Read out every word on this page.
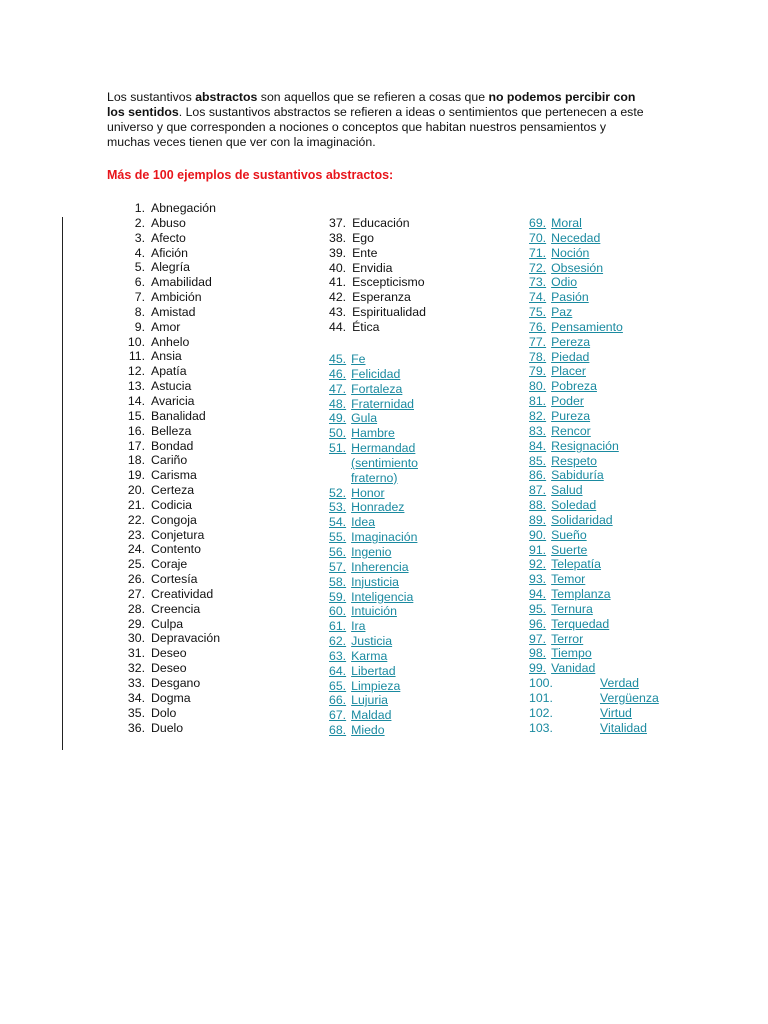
Los sustantivos abstractos son aquellos que se refieren a cosas que no podemos percibir con los sentidos. Los sustantivos abstractos se refieren a ideas o sentimientos que pertenecen a este universo y que corresponden a nociones o conceptos que habitan nuestros pensamientos y muchas veces tienen que ver con la imaginación.

Más de 100 ejemplos de sustantivos abstractos:

1. Abnegación
2. Abuso
3. Afecto
4. Afición
5. Alegría
6. Amabilidad
7. Ambición
8. Amistad
9. Amor
10. Anhelo
11. Ansia
12. Apatía
13. Astucia
14. Avaricia
15. Banalidad
16. Belleza
17. Bondad
18. Cariño
19. Carisma
20. Certeza
21. Codicia
22. Congoja
23. Conjetura
24. Contento
25. Coraje
26. Cortesía
27. Creatividad
28. Creencia
29. Culpa
30. Depravación
31. Deseo
32. Deseo
33. Desgano
34. Dogma
35. Dolo
36. Duelo
37. Educación
38. Ego
39. Ente
40. Envidia
41. Escepticismo
42. Esperanza
43. Espiritualidad
44. Ética
45. Fe
46. Felicidad
47. Fortaleza
48. Fraternidad
49. Gula
50. Hambre
51. Hermandad
(sentimiento
fraterno)
52. Honor
53. Honradez
54. Idea
55. Imaginación
56. Ingenio
57. Inherencia
58. Injusticia
59. Inteligencia
60. Intuición
61. Ira
62. Justicia
63. Karma
64. Libertad
65. Limpieza
66. Lujuria
67. Maldad
68. Miedo
69. Moral
70. Necedad
71. Noción
72. Obsesión
73. Odio
74. Pasión
75. Paz
76. Pensamiento
77. Pereza
78. Piedad
79. Placer
80. Pobreza
81. Poder
82. Pureza
83. Rencor
84. Resignación
85. Respeto
86. Sabiduría
87. Salud
88. Soledad
89. Solidaridad
90. Sueño
91. Suerte
92. Telepatía
93. Temor
94. Templanza
95. Ternura
96. Terquedad
97. Terror
98. Tiempo
99. Vanidad
100.	Verdad
101.	Vergüenza
102.	Virtud
103.	Vitalidad
